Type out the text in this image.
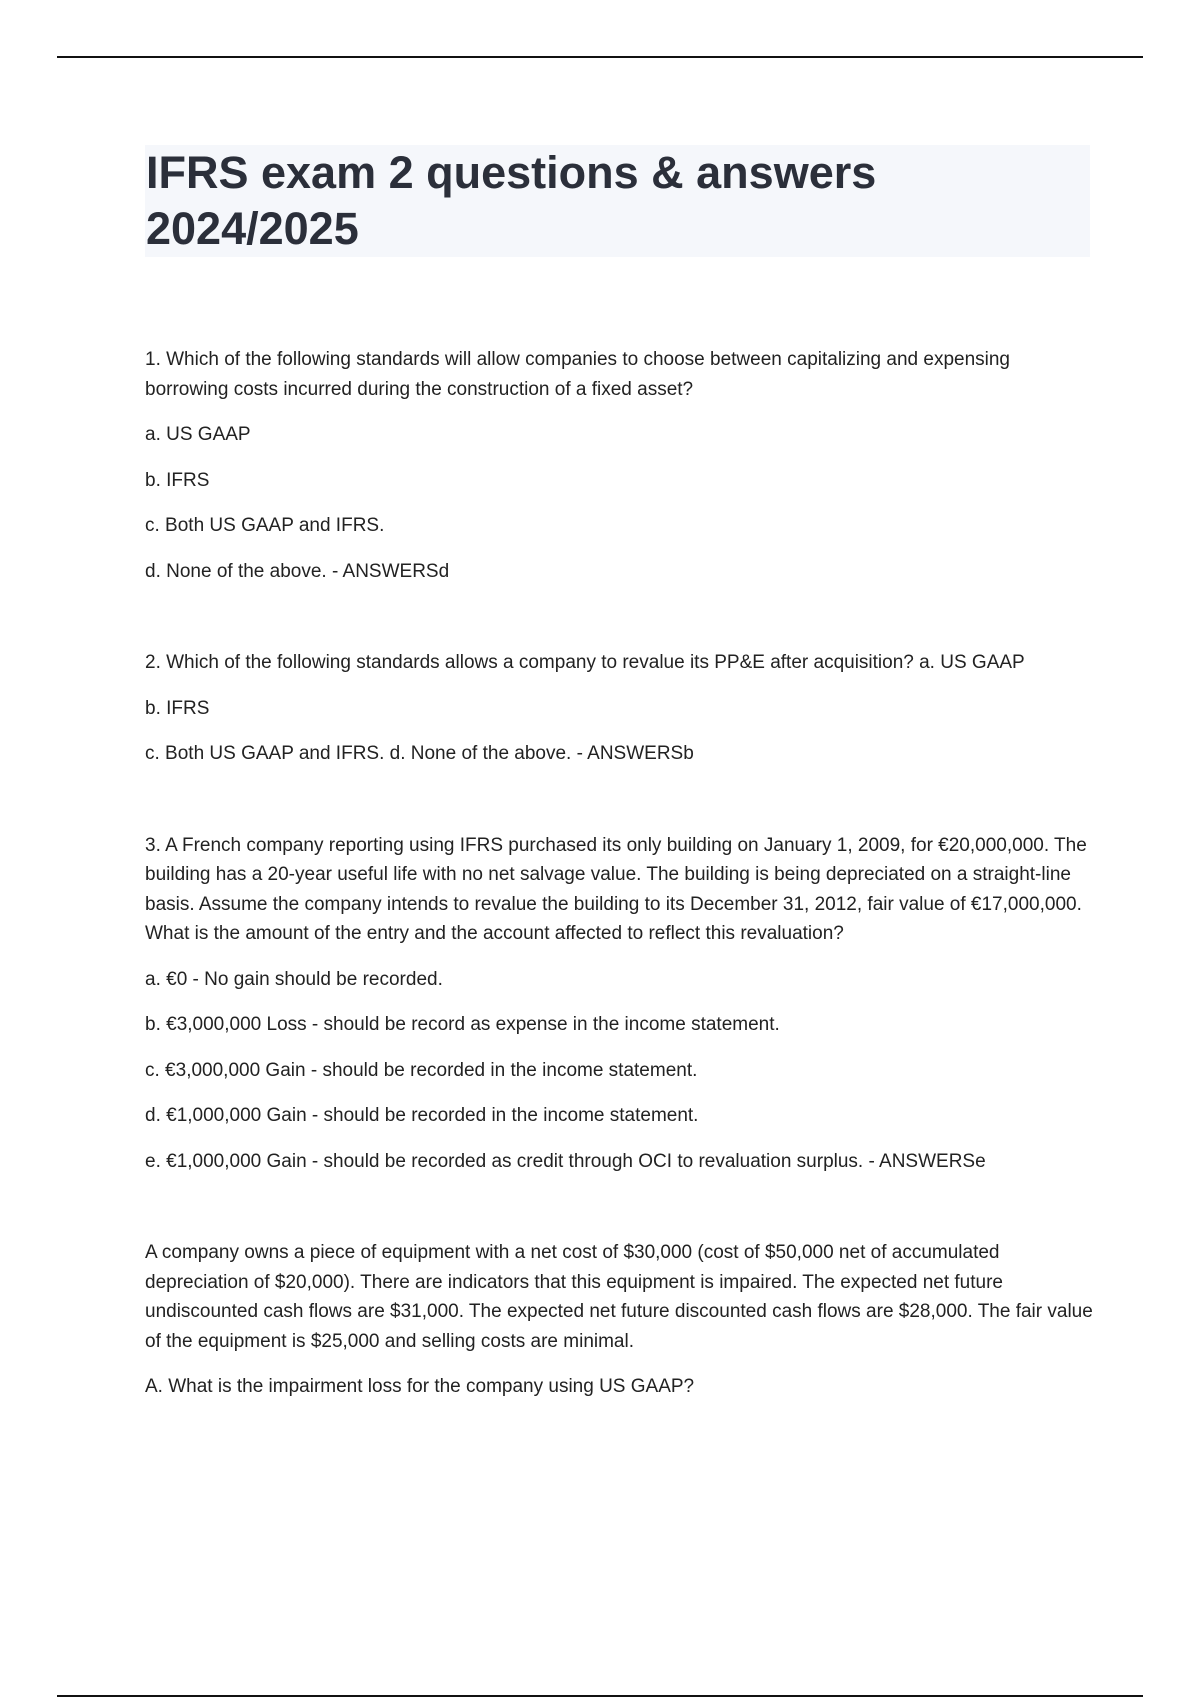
IFRS exam 2 questions & answers 2024/2025

1. Which of the following standards will allow companies to choose between capitalizing and expensing borrowing costs incurred during the construction of a fixed asset?

a. US GAAP

b. IFRS

c. Both US GAAP and IFRS.

d. None of the above. - ANSWERSd

2. Which of the following standards allows a company to revalue its PP&E after acquisition? a. US GAAP

b. IFRS

c. Both US GAAP and IFRS. d. None of the above. - ANSWERSb

3. A French company reporting using IFRS purchased its only building on January 1, 2009, for €20,000,000. The building has a 20-year useful life with no net salvage value. The building is being depreciated on a straight-line basis. Assume the company intends to revalue the building to its December 31, 2012, fair value of €17,000,000. What is the amount of the entry and the account affected to reflect this revaluation?

a. €0 - No gain should be recorded.

b. €3,000,000 Loss - should be record as expense in the income statement.

c. €3,000,000 Gain - should be recorded in the income statement.

d. €1,000,000 Gain - should be recorded in the income statement.

e. €1,000,000 Gain - should be recorded as credit through OCI to revaluation surplus. - ANSWERSe

A company owns a piece of equipment with a net cost of $30,000 (cost of $50,000 net of accumulated depreciation of $20,000). There are indicators that this equipment is impaired. The expected net future undiscounted cash flows are $31,000. The expected net future discounted cash flows are $28,000. The fair value of the equipment is $25,000 and selling costs are minimal.

A. What is the impairment loss for the company using US GAAP?
